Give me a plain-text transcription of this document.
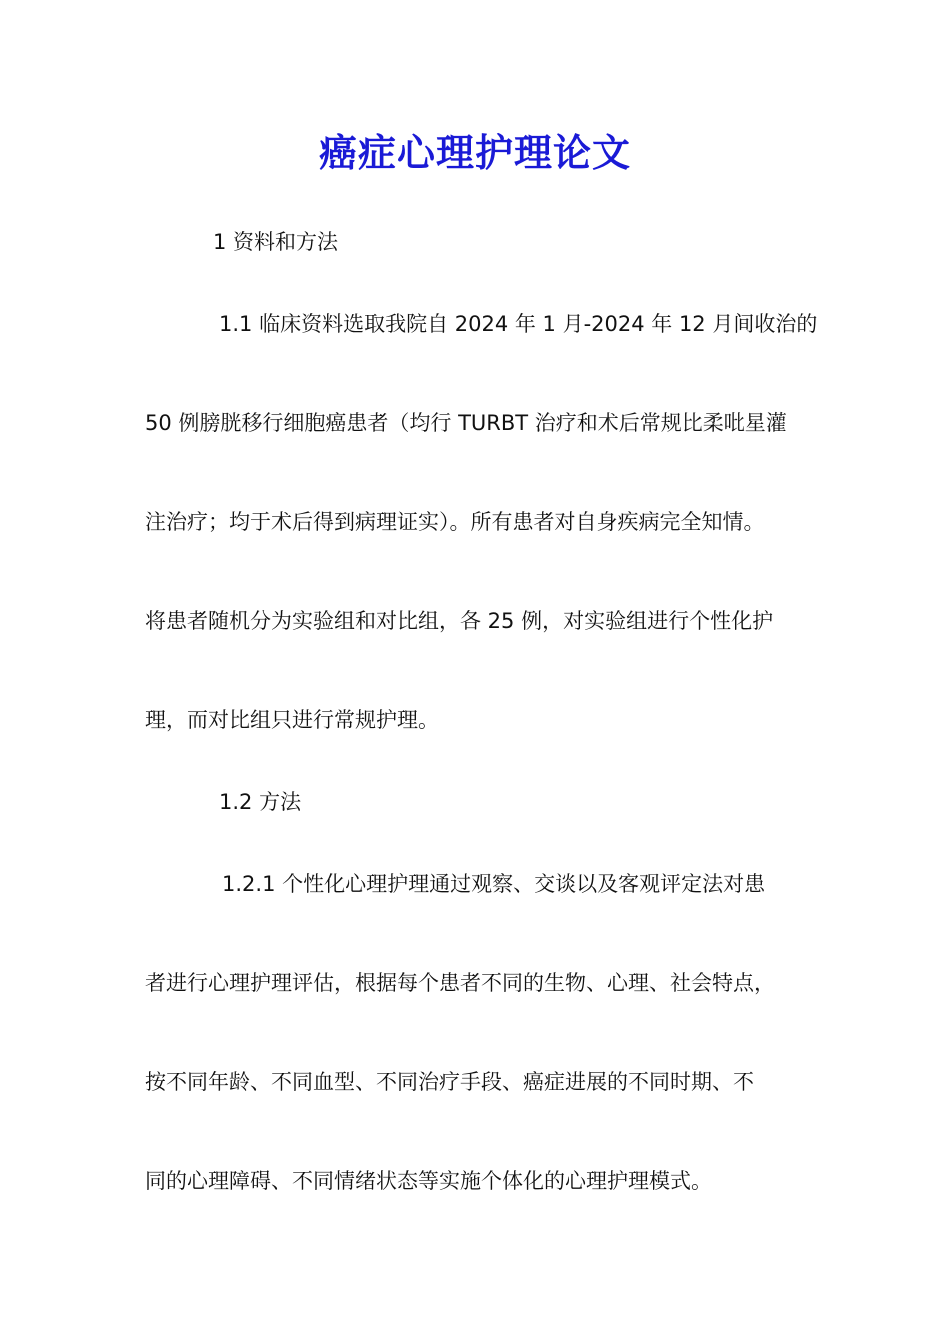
癌症心理护理论文
1 资料和方法
1.1 临床资料选取我院自 2024 年 1 月-2024 年 12 月间收治的
50 例膀胱移行细胞癌患者（均行 TURBT 治疗和术后常规比柔吡星灌
注治疗；均于术后得到病理证实）。所有患者对自身疾病完全知情。
将患者随机分为实验组和对比组，各 25 例，对实验组进行个性化护
理，而对比组只进行常规护理。
1.2 方法
1.2.1 个性化心理护理通过观察、交谈以及客观评定法对患
者进行心理护理评估，根据每个患者不同的生物、心理、社会特点，
按不同年龄、不同血型、不同治疗手段、癌症进展的不同时期、不
同的心理障碍、不同情绪状态等实施个体化的心理护理模式。
